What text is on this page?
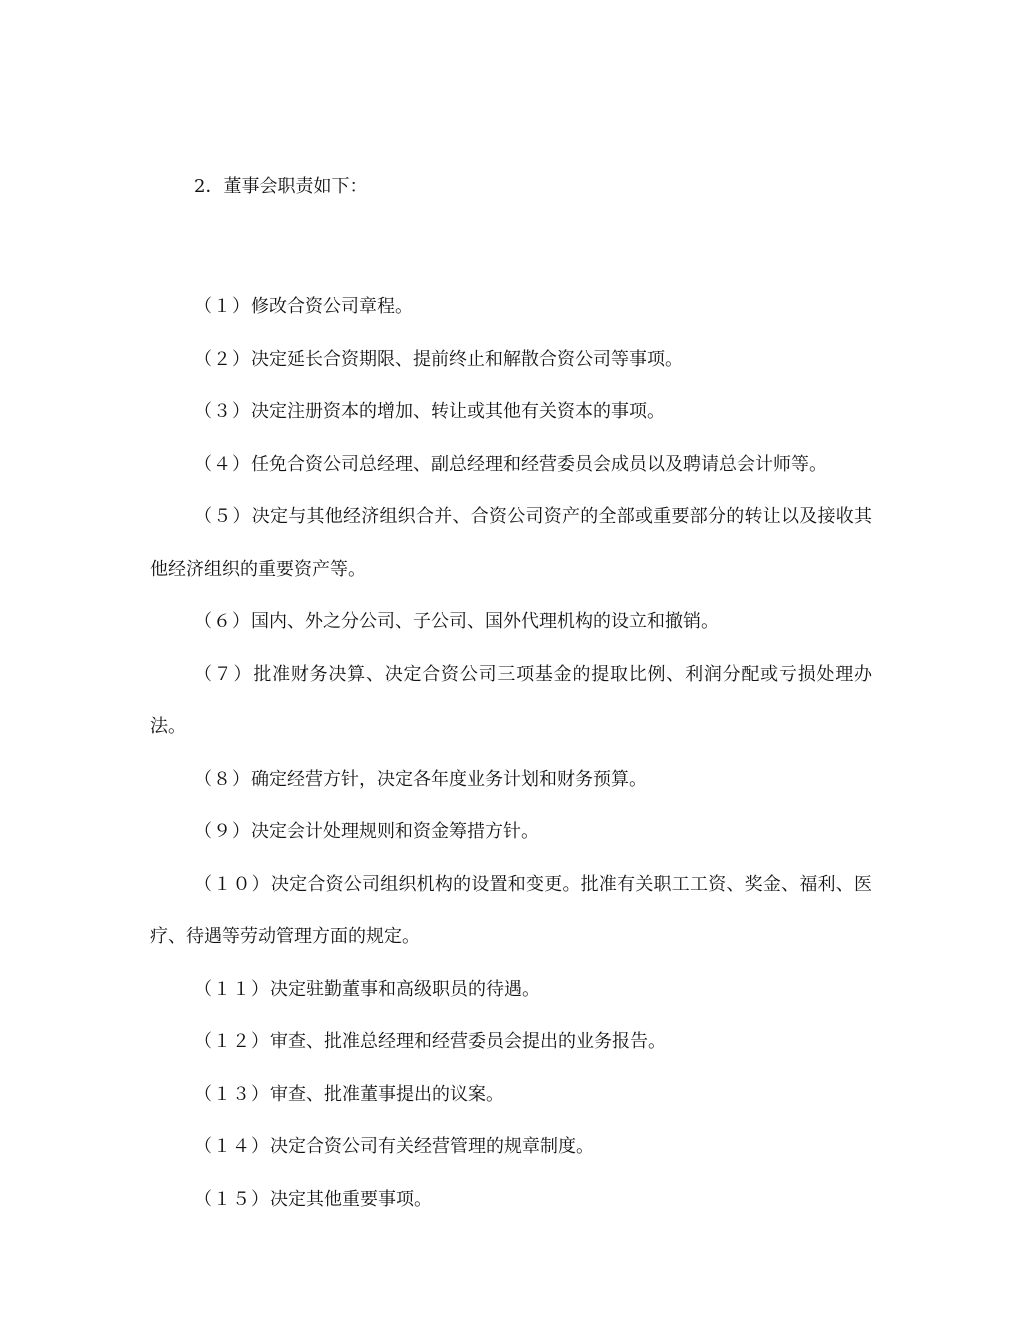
2．董事会职责如下：

（１）修改合资公司章程。
（２）决定延长合资期限、提前终止和解散合资公司等事项。
（３）决定注册资本的增加、转让或其他有关资本的事项。
（４）任免合资公司总经理、副总经理和经营委员会成员以及聘请总会计师等。
（５）决定与其他经济组织合并、合资公司资产的全部或重要部分的转让以及接收其他经济组织的重要资产等。
（６）国内、外之分公司、子公司、国外代理机构的设立和撤销。
（７）批准财务决算、决定合资公司三项基金的提取比例、利润分配或亏损处理办法。
（８）确定经营方针，决定各年度业务计划和财务预算。
（９）决定会计处理规则和资金筹措方针。
（１０）决定合资公司组织机构的设置和变更。批准有关职工工资、奖金、福利、医疗、待遇等劳动管理方面的规定。
（１１）决定驻勤董事和高级职员的待遇。
（１２）审查、批准总经理和经营委员会提出的业务报告。
（１３）审查、批准董事提出的议案。
（１４）决定合资公司有关经营管理的规章制度。
（１５）决定其他重要事项。
